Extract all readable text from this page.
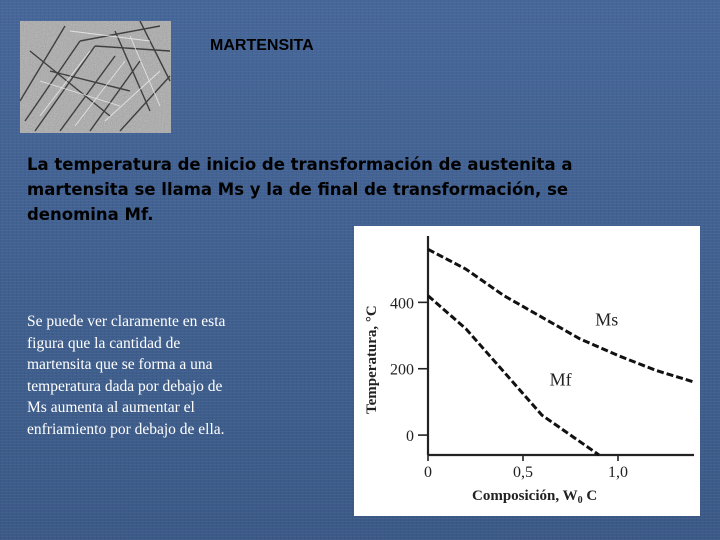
MARTENSITA
La temperatura de inicio de transformación de austenita a
martensita se llama Ms y la de final de transformación, se
denomina Mf.
Se puede ver claramente en esta
figura que la cantidad de
martensita que se forma a una
temperatura dada por debajo de
Ms aumenta al aumentar el
enfriamiento por debajo de ella.
400
200
0
0	0,5	1,0
Ms
Mf
Composición, $W_0$ C
Temperatura, °C
